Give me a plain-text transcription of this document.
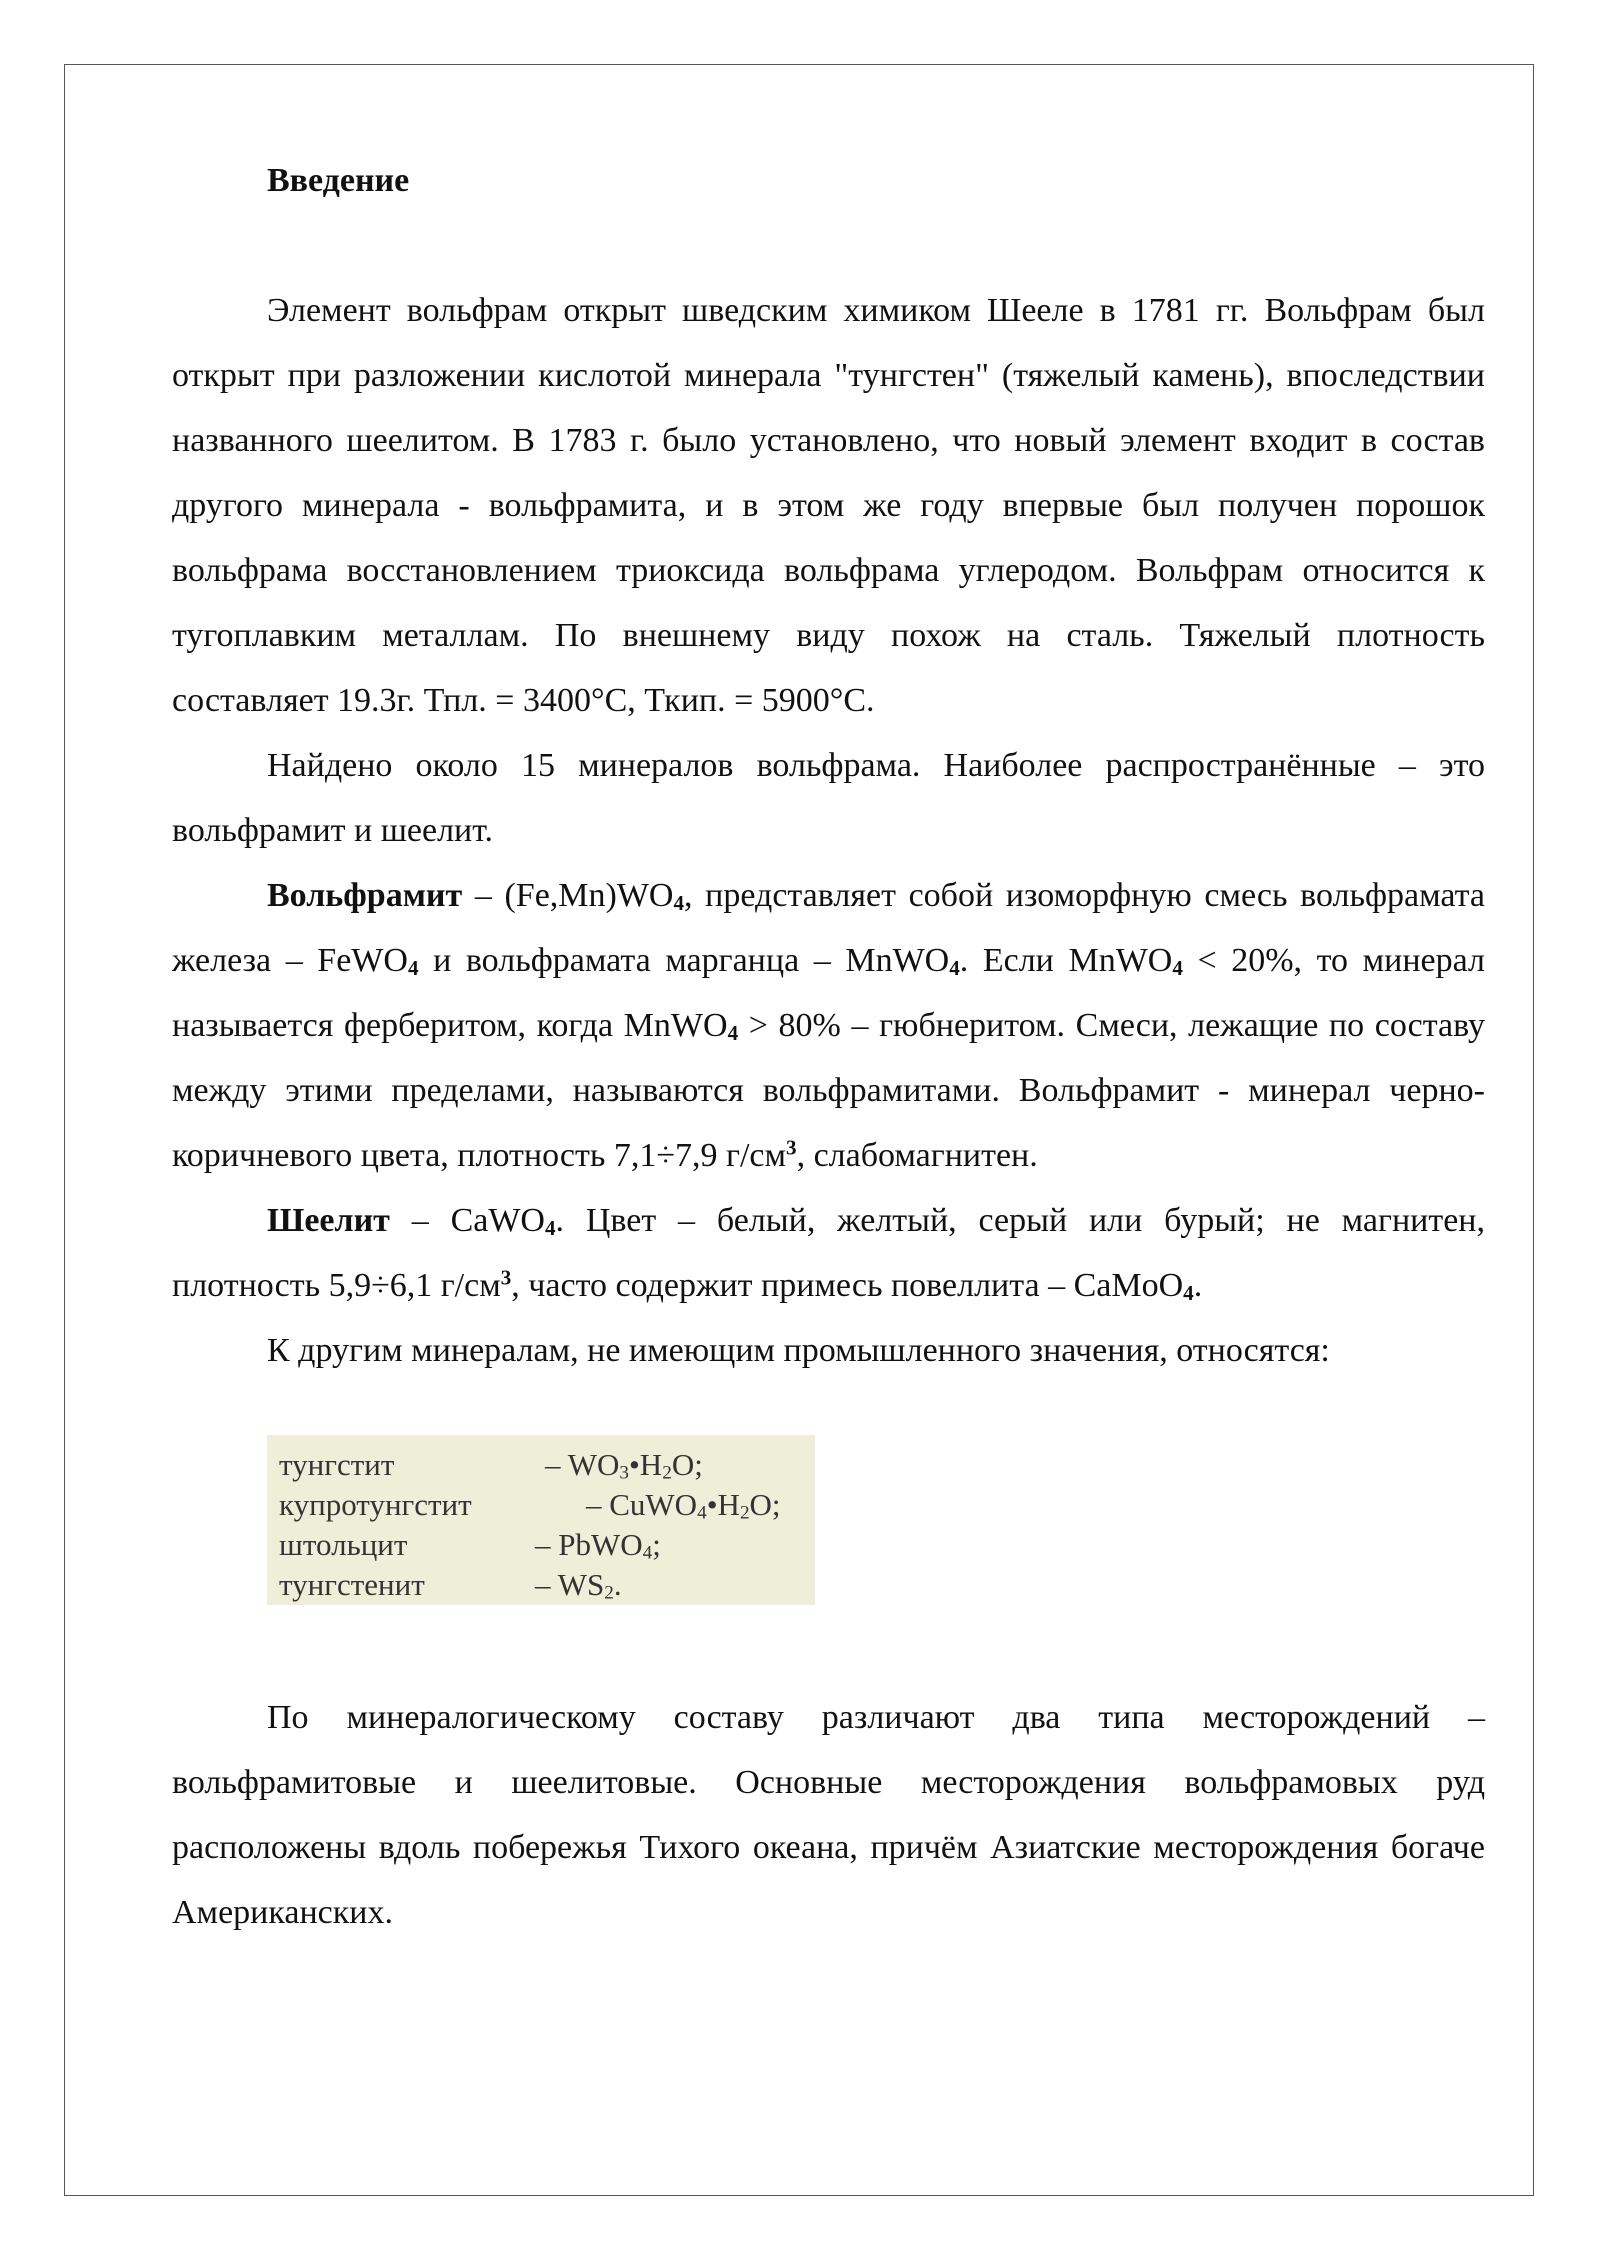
Введение

Элемент вольфрам открыт шведским химиком Шееле в 1781 гг. Вольфрам был открыт при разложении кислотой минерала "тунгстен" (тяжелый камень), впоследствии названного шеелитом. В 1783 г. было установлено, что новый элемент входит в состав другого минерала - вольфрамита, и в этом же году впервые был получен порошок вольфрама восстановлением триоксида вольфрама углеродом. Вольфрам относится к тугоплавким металлам. По внешнему виду похож на сталь. Тяжелый плотность составляет 19.3г. Тпл. = 3400°С, Ткип. = 5900°С.

Найдено около 15 минералов вольфрама. Наиболее распространённые – это вольфрамит и шеелит.

Вольфрамит – $(Fe,Mn)WO_4$, представляет собой изоморфную смесь вольфрамата железа – FeWO$_4$ и вольфрамата марганца – MnWO$_4$. Если MnWO$_4$ < 20%, то минерал называется ферберитом, когда MnWO$_4$ > 80% – гюбнеритом. Смеси, лежащие по составу между этими пределами, называются вольфрамитами. Вольфрамит - минерал черно-коричневого цвета, плотность 7,1÷7,9 $г/см^3$, слабомагнитен.

Шеелит – CaWO$_4$. Цвет – белый, желтый, серый или бурый; не магнитен, плотность 5,9÷6,1 $г/см^3$, часто содержит примесь повеллита – CaMoO$_4$.

К другим минералам, не имеющим промышленного значения, относятся:

тунгстит	– $WO_3•H_2O$;
купротунгстит	– $CuWO_4•H_2O$;
штольцит	– PbWO$_4$;
тунгстенит	– $WS_2$.

По минералогическому составу различают два типа месторождений – вольфрамитовые и шеелитовые. Основные месторождения вольфрамовых руд расположены вдоль побережья Тихого океана, причём Азиатские месторождения богаче Американских.
